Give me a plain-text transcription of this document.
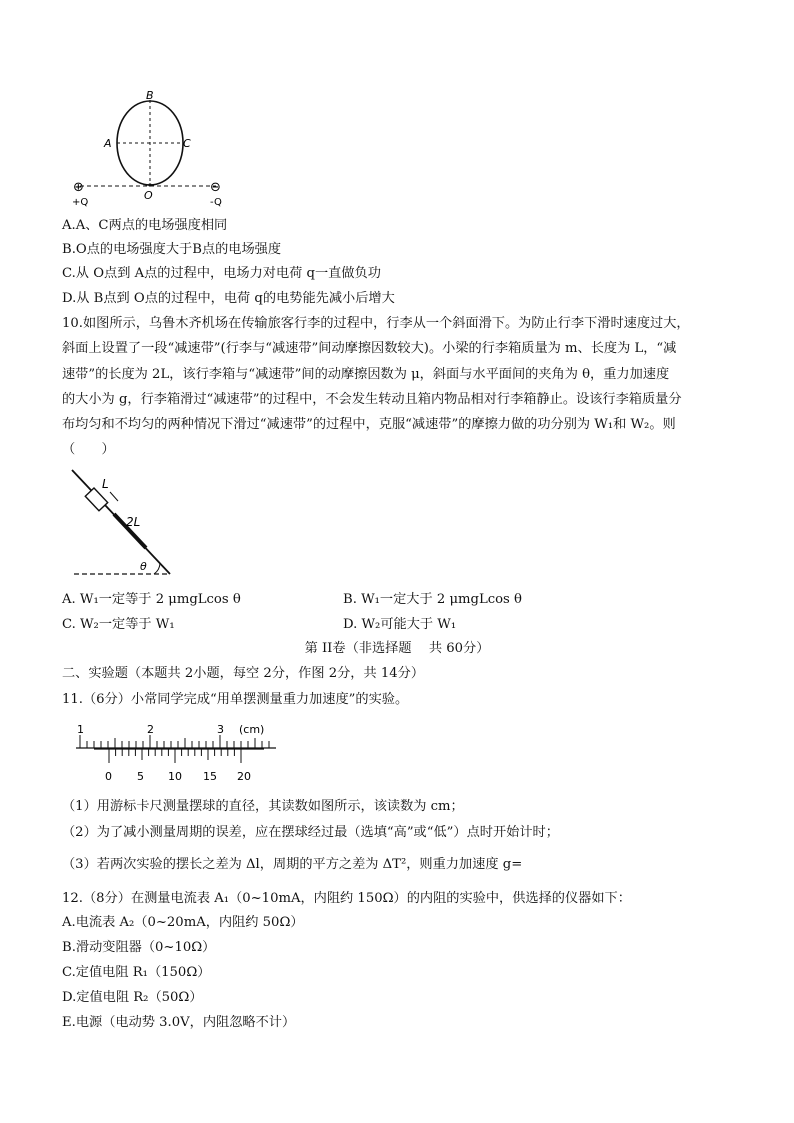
B
A	C
O
⊕	⊖
+Q	-Q
A.A、C两点的电场强度相同
B.O点的电场强度大于B点的电场强度
C.从 O点到 A点的过程中，电场力对电荷 q一直做负功
D.从 B点到 O点的过程中，电荷 q的电势能先减小后增大
10.如图所示，乌鲁木齐机场在传输旅客行李的过程中，行李从一个斜面滑下。为防止行李下滑时速度过大，
斜面上设置了一段“减速带”(行李与“减速带”间动摩擦因数较大)。小梁的行李箱质量为 m、长度为 L，“减
速带”的长度为 2L，该行李箱与“减速带”间的动摩擦因数为 μ，斜面与水平面间的夹角为 θ，重力加速度
的大小为 g，行李箱滑过“减速带”的过程中，不会发生转动且箱内物品相对行李箱静止。设该行李箱质量分
布均匀和不均匀的两种情况下滑过“减速带”的过程中，克服“减速带”的摩擦力做的功分别为 W₁和 W₂。则
（　　）
L
2L
θ
A. W₁一定等于 2 μmgLcos θ	B. W₁一定大于 2 μmgLcos θ
C. W₂一定等于 W₁	D. W₂可能大于 W₁
第 II卷（非选择题　 共 60分）
二、实验题（本题共 2小题，每空 2分，作图 2分，共 14分）
11.（6分）小常同学完成“用单摆测量重力加速度”的实验。
1	2	3 (cm)
0 5 10 15 20
（1）用游标卡尺测量摆球的直径，其读数如图所示，该读数为 cm；
（2）为了减小测量周期的误差，应在摆球经过最（选填“高”或“低”）点时开始计时；
（3）若两次实验的摆长之差为 Δl，周期的平方之差为 ΔT²，则重力加速度 g=
12.（8分）在测量电流表 A₁（0~10mA，内阻约 150Ω）的内阻的实验中，供选择的仪器如下：
A.电流表 A₂（0~20mA，内阻约 50Ω）
B.滑动变阻器（0~10Ω）
C.定值电阻 R₁（150Ω）
D.定值电阻 R₂（50Ω）
E.电源（电动势 3.0V，内阻忽略不计）
